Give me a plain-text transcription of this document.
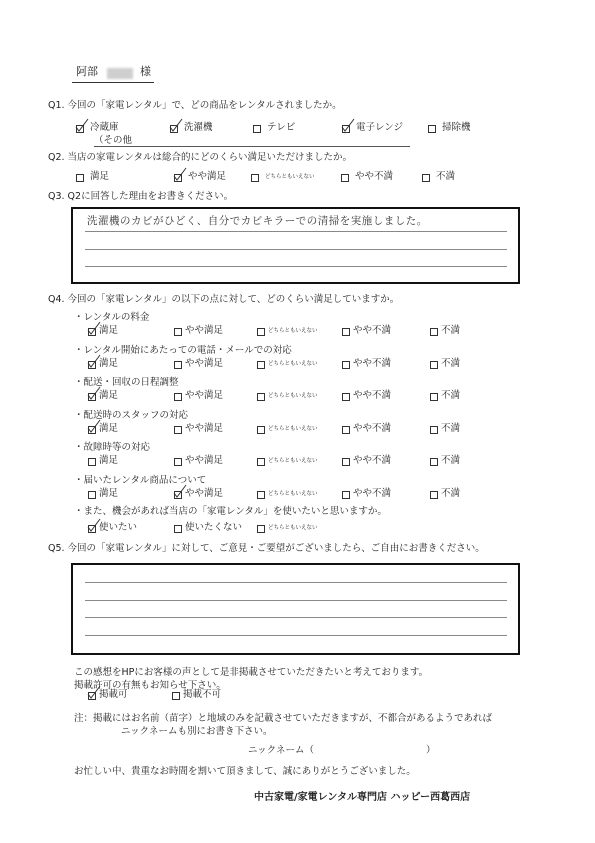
阿部	様
Q1. 今回の「家電レンタル」で、どの商品をレンタルされましたか。
（その他
Q2. 当店の家電レンタルは総合的にどのくらい満足いただけましたか。
Q3. Q2に回答した理由をお書きください。
洗濯機のカビがひどく、自分でカビキラーでの清掃を実施しました。
Q4. 今回の「家電レンタル」の以下の点に対して、どのくらい満足していますか。
・また、機会があれば当店の「家電レンタル」を使いたいと思いますか。
Q5. 今回の「家電レンタル」に対して、ご意見・ご要望がございましたら、ご自由にお書きください。
この感想をHPにお客様の声として是非掲載させていただきたいと考えております。
掲載許可の有無もお知らせ下さい。
注：掲載にはお名前（苗字）と地域のみを記載させていただきますが、不都合があるようであれば
ニックネームも別にお書き下さい。
ニックネーム（	）
お忙しい中、貴重なお時間を割いて頂きまして、誠にありがとうございました。
中古家電/家電レンタル専門店 ハッピー西葛西店
冷蔵庫	洗濯機	テレビ	電子レンジ	掃除機
満足	やや満足	どちらともいえない	やや不満	不満
・レンタルの料金
満足	やや満足	どちらともいえない	やや不満	不満
・レンタル開始にあたっての電話・メールでの対応
満足	やや満足	どちらともいえない	やや不満	不満
・配送・回収の日程調整
満足	やや満足	どちらともいえない	やや不満	不満
・配送時のスタッフの対応
満足	やや満足	どちらともいえない	やや不満	不満
・故障時等の対応
満足	やや満足	どちらともいえない	やや不満	不満
・届いたレンタル商品について
満足	やや満足	どちらともいえない	やや不満	不満
使いたい	使いたくない	どちらともいえない
掲載可	掲載不可
